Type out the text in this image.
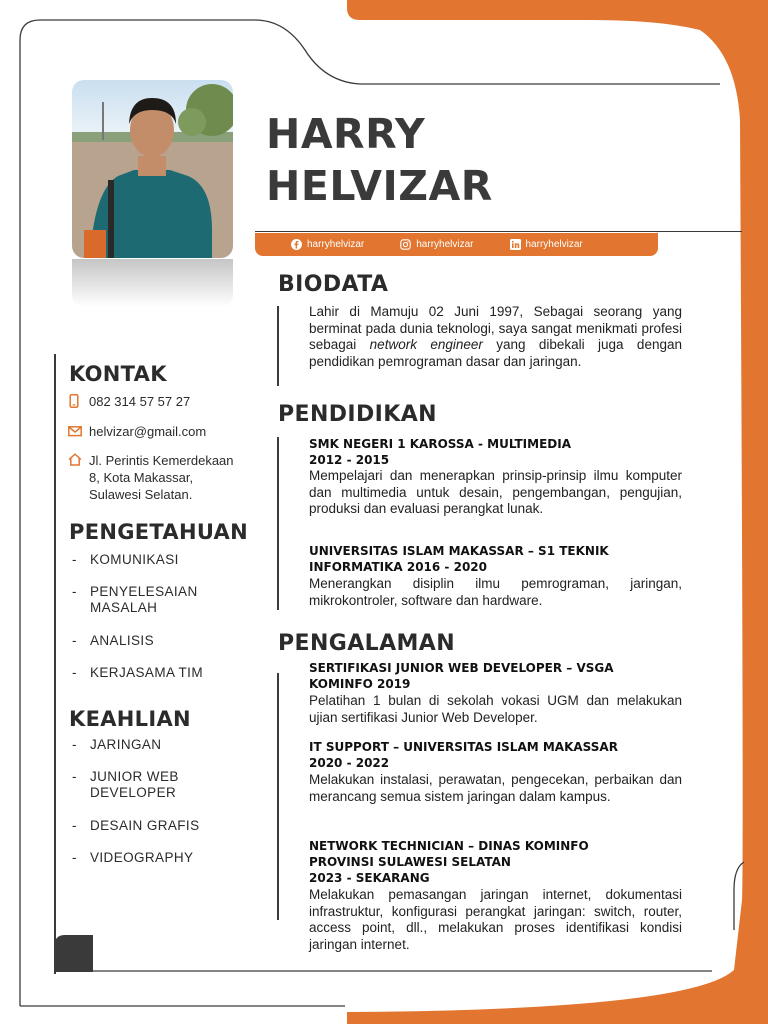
HARRY
HELVIZAR
harryhelvizar	harryhelvizar	harryhelvizar
KONTAK
082 314 57 57 27
helvizar@gmail.com
Jl. Perintis Kemerdekaan
8, Kota Makassar,
Sulawesi Selatan.
PENGETAHUAN
- KOMUNIKASI
- PENYELESAIAN
MASALAH
- ANALISIS
- KERJASAMA TIM
KEAHLIAN
- JARINGAN
- JUNIOR WEB
DEVELOPER
- DESAIN GRAFIS
- VIDEOGRAPHY
BIODATA
Lahir di Mamuju 02 Juni 1997, Sebagai seorang yang berminat pada dunia teknologi, saya sangat menikmati profesi sebagai network engineer yang dibekali juga dengan pendidikan pemrograman dasar dan jaringan.
PENDIDIKAN
SMK NEGERI 1 KAROSSA - MULTIMEDIA
2012 - 2015
Mempelajari dan menerapkan prinsip-prinsip ilmu komputer dan multimedia untuk desain, pengembangan, pengujian, produksi dan evaluasi perangkat lunak.
UNIVERSITAS ISLAM MAKASSAR – S1 TEKNIK
INFORMATIKA 2016 - 2020
Menerangkan disiplin ilmu pemrograman, jaringan, mikrokontroler, software dan hardware.
PENGALAMAN
SERTIFIKASI JUNIOR WEB DEVELOPER – VSGA
KOMINFO 2019
Pelatihan 1 bulan di sekolah vokasi UGM dan melakukan ujian sertifikasi Junior Web Developer.
IT SUPPORT – UNIVERSITAS ISLAM MAKASSAR
2020 - 2022
Melakukan instalasi, perawatan, pengecekan, perbaikan dan merancang semua sistem jaringan dalam kampus.
NETWORK TECHNICIAN – DINAS KOMINFO
PROVINSI SULAWESI SELATAN
2023 - SEKARANG
Melakukan pemasangan jaringan internet, dokumentasi infrastruktur, konfigurasi perangkat jaringan: switch, router, access point, dll., melakukan proses identifikasi kondisi jaringan internet.
